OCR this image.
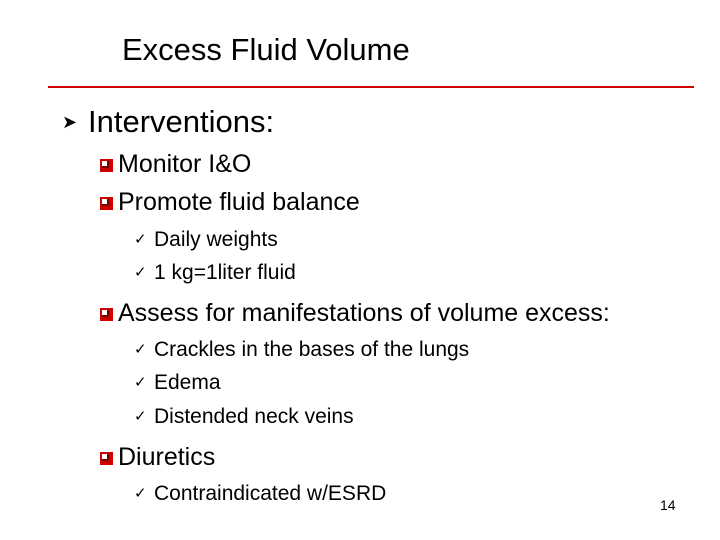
Excess Fluid Volume
➤ Interventions:
Monitor I&O
Promote fluid balance
✓ Daily weights
✓ 1 kg=1liter fluid
Assess for manifestations of volume excess:
✓ Crackles in the bases of the lungs
✓ Edema
✓ Distended neck veins
Diuretics
✓ Contraindicated w/ESRD	14
